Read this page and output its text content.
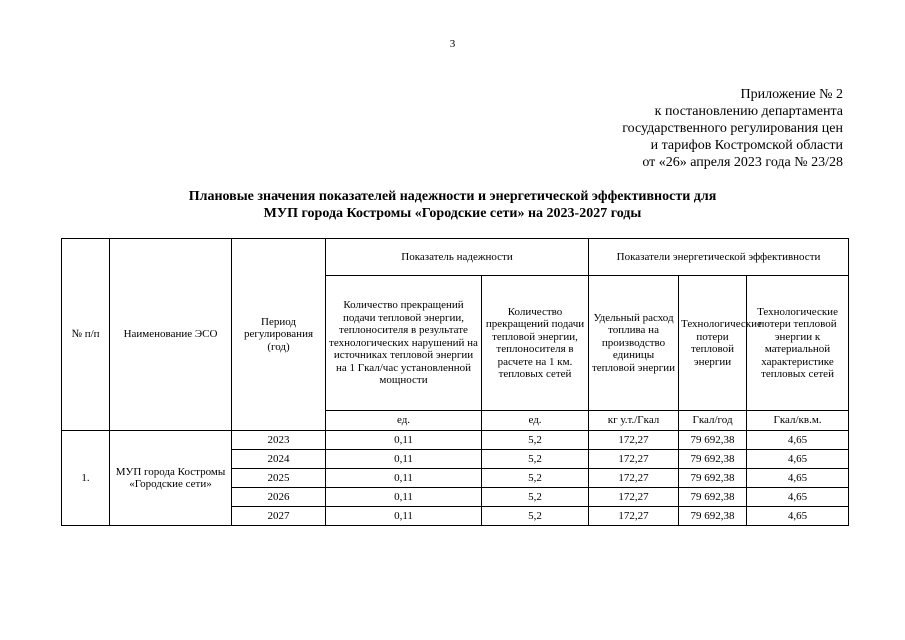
3
Приложение № 2
к постановлению департамента
государственного регулирования цен
и тарифов Костромской области
от «26» апреля 2023 года № 23/28
Плановые значения показателей надежности и энергетической эффективности для
МУП города Костромы «Городские сети» на 2023-2027 годы
№ п/п	Наименование ЭСО	Период регулирования (год)	Показатель надежности		Показатели энергетической эффективности		
			Количество прекращений подачи тепловой энергии, теплоносителя в результате технологических нарушений на источниках тепловой энергии на 1 Гкал/час установленной мощности	Количество прекращений подачи тепловой энергии, теплоносителя в расчете на 1 км. тепловых сетей	Удельный расход топлива на производство единицы тепловой энергии	Технологические потери тепловой энергии	Технологические потери тепловой энергии к материальной характеристике тепловых сетей
			ед.	ед.	кг у.т./Гкал	Гкал/год	Гкал/кв.м.
1.	МУП города Костромы «Городские сети»	2023	0,11	5,2	172,27	79 692,38	4,65
		2024	0,11	5,2	172,27	79 692,38	4,65
		2025	0,11	5,2	172,27	79 692,38	4,65
		2026	0,11	5,2	172,27	79 692,38	4,65
		2027	0,11	5,2	172,27	79 692,38	4,65
